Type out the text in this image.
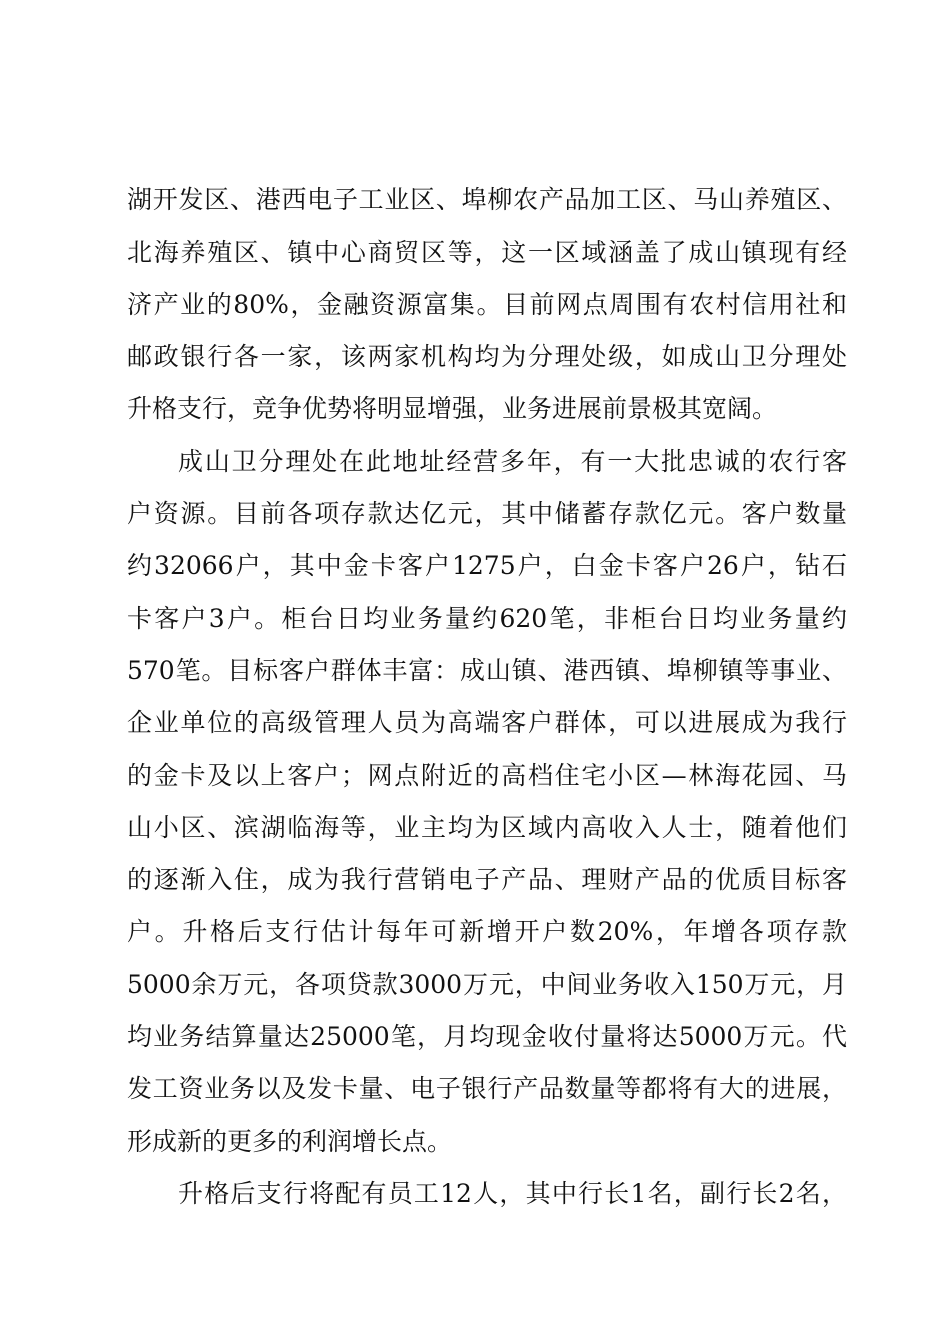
湖开发区、港西电子工业区、埠柳农产品加工区、马山养殖区、
北海养殖区、镇中心商贸区等，这一区域涵盖了成山镇现有经
济产业的80%，金融资源富集。目前网点周围有农村信用社和
邮政银行各一家，该两家机构均为分理处级，如成山卫分理处
升格支行，竞争优势将明显增强，业务进展前景极其宽阔。
成山卫分理处在此地址经营多年，有一大批忠诚的农行客
户资源。目前各项存款达亿元，其中储蓄存款亿元。客户数量
约32066户，其中金卡客户1275户，白金卡客户26户，钻石
卡客户3户。柜台日均业务量约620笔，非柜台日均业务量约
570笔。目标客户群体丰富：成山镇、港西镇、埠柳镇等事业、
企业单位的高级管理人员为高端客户群体，可以进展成为我行
的金卡及以上客户；网点附近的高档住宅小区—林海花园、马
山小区、滨湖临海等，业主均为区域内高收入人士，随着他们
的逐渐入住，成为我行营销电子产品、理财产品的优质目标客
户。升格后支行估计每年可新增开户数20%，年增各项存款
5000余万元，各项贷款3000万元，中间业务收入150万元，月
均业务结算量达25000笔，月均现金收付量将达5000万元。代
发工资业务以及发卡量、电子银行产品数量等都将有大的进展，
形成新的更多的利润增长点。
升格后支行将配有员工12人，其中行长1名，副行长2名，
